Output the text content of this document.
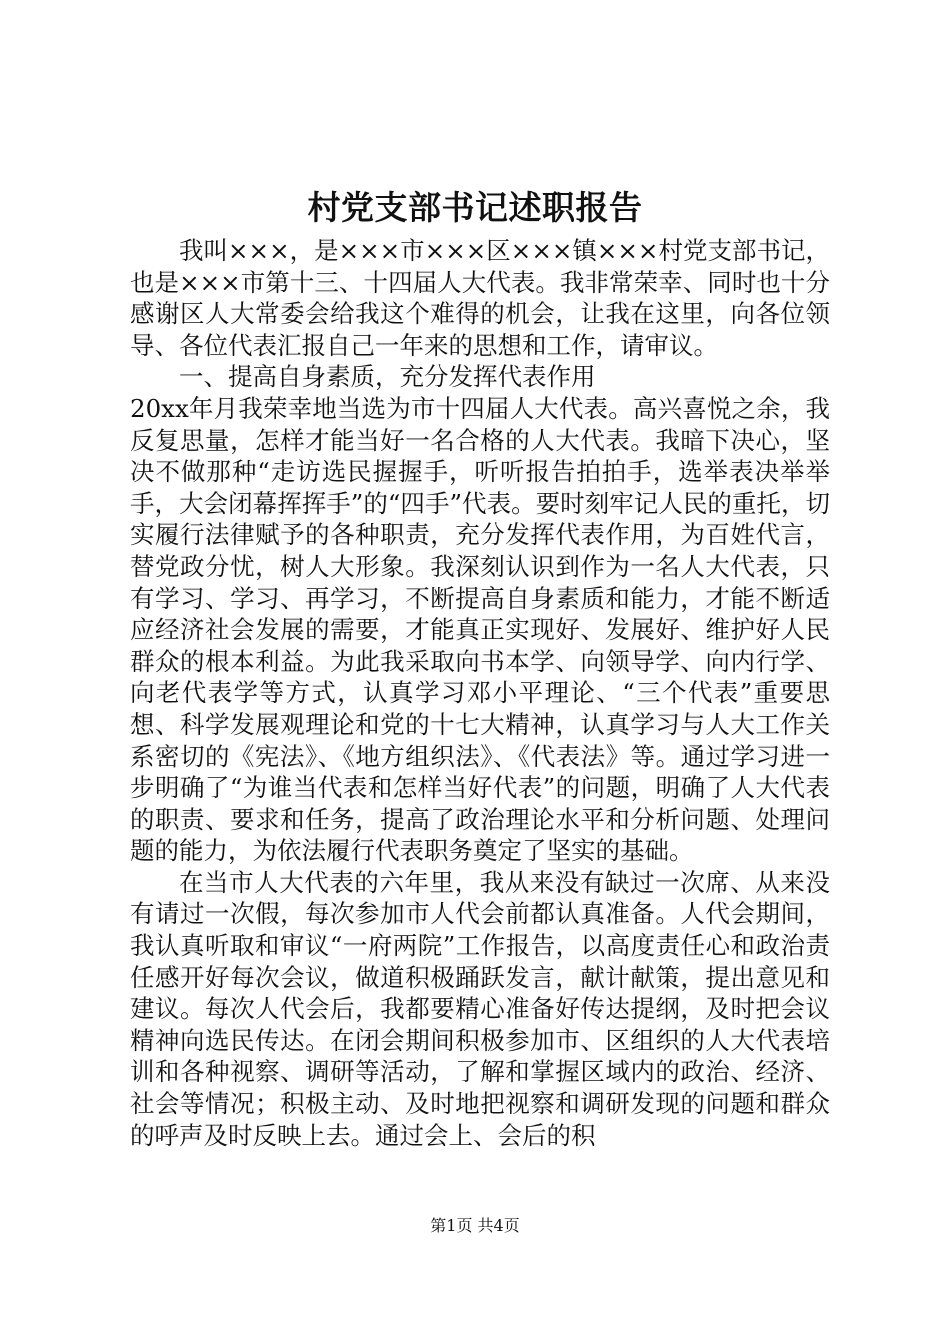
村党支部书记述职报告

我叫×××，是×××市×××区×××镇×××村党支部书记，也是×××市第十三、十四届人大代表。我非常荣幸、同时也十分感谢区人大常委会给我这个难得的机会，让我在这里，向各位领导、各位代表汇报自己一年来的思想和工作，请审议。

一、提高自身素质，充分发挥代表作用

20xx年月我荣幸地当选为市十四届人大代表。高兴喜悦之余，我反复思量，怎样才能当好一名合格的人大代表。我暗下决心，坚决不做那种“走访选民握握手，听听报告拍拍手，选举表决举举手，大会闭幕挥挥手”的“四手”代表。要时刻牢记人民的重托，切实履行法律赋予的各种职责，充分发挥代表作用，为百姓代言，替党政分忧，树人大形象。我深刻认识到作为一名人大代表，只有学习、学习、再学习，不断提高自身素质和能力，才能不断适应经济社会发展的需要，才能真正实现好、发展好、维护好人民群众的根本利益。为此我采取向书本学、向领导学、向内行学、向老代表学等方式，认真学习邓小平理论、“三个代表”重要思想、科学发展观理论和党的十七大精神，认真学习与人大工作关系密切的《宪法》、《地方组织法》、《代表法》等。通过学习进一步明确了“为谁当代表和怎样当好代表”的问题，明确了人大代表的职责、要求和任务，提高了政治理论水平和分析问题、处理问题的能力，为依法履行代表职务奠定了坚实的基础。

在当市人大代表的六年里，我从来没有缺过一次席、从来没有请过一次假，每次参加市人代会前都认真准备。人代会期间，我认真听取和审议“一府两院”工作报告，以高度责任心和政治责任感开好每次会议，做道积极踊跃发言，献计献策，提出意见和建议。每次人代会后，我都要精心准备好传达提纲，及时把会议精神向选民传达。在闭会期间积极参加市、区组织的人大代表培训和各种视察、调研等活动，了解和掌握区域内的政治、经济、社会等情况；积极主动、及时地把视察和调研发现的问题和群众的呼声及时反映上去。通过会上、会后的积

第1页 共4页
